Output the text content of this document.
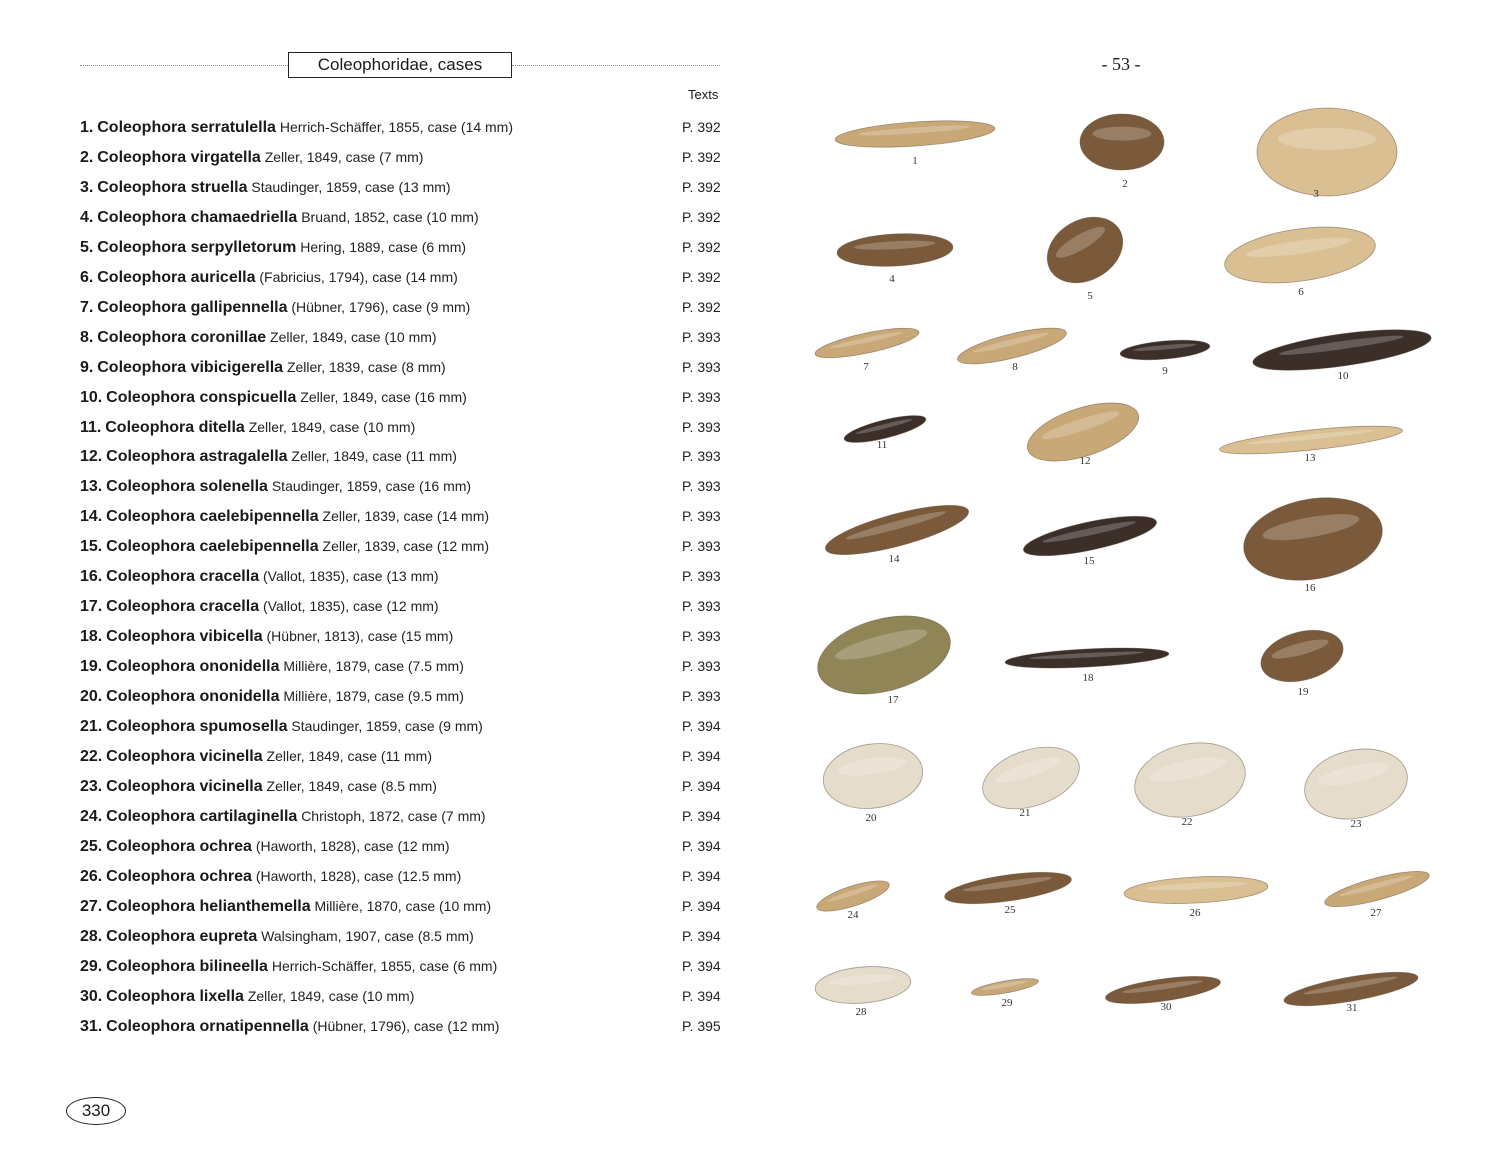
Coleophoridae, cases	- 53 -
Texts
1. Coleophora serratulella Herrich-Schäffer, 1855, case (14 mm)	P. 392
2. Coleophora virgatella Zeller, 1849, case (7 mm)	P. 392
3. Coleophora struella Staudinger, 1859, case (13 mm)	P. 392
4. Coleophora chamaedriella Bruand, 1852, case (10 mm)	P. 392
5. Coleophora serpylletorum Hering, 1889, case (6 mm)	P. 392
6. Coleophora auricella (Fabricius, 1794), case (14 mm)	P. 392
7. Coleophora gallipennella (Hübner, 1796), case (9 mm)	P. 392
8. Coleophora coronillae Zeller, 1849, case (10 mm)	P. 393
9. Coleophora vibicigerella Zeller, 1839, case (8 mm)	P. 393
10. Coleophora conspicuella Zeller, 1849, case (16 mm)	P. 393
11. Coleophora ditella Zeller, 1849, case (10 mm)	P. 393
12. Coleophora astragalella Zeller, 1849, case (11 mm)	P. 393
13. Coleophora solenella Staudinger, 1859, case (16 mm)	P. 393
14. Coleophora caelebipennella Zeller, 1839, case (14 mm)	P. 393
15. Coleophora caelebipennella Zeller, 1839, case (12 mm)	P. 393
16. Coleophora cracella (Vallot, 1835), case (13 mm)	P. 393
17. Coleophora cracella (Vallot, 1835), case (12 mm)	P. 393
18. Coleophora vibicella (Hübner, 1813), case (15 mm)	P. 393
19. Coleophora ononidella Millière, 1879, case (7.5 mm)	P. 393
20. Coleophora ononidella Millière, 1879, case (9.5 mm)	P. 393
21. Coleophora spumosella Staudinger, 1859, case (9 mm)	P. 394
22. Coleophora vicinella Zeller, 1849, case (11 mm)	P. 394
23. Coleophora vicinella Zeller, 1849, case (8.5 mm)	P. 394
24. Coleophora cartilaginella Christoph, 1872, case (7 mm)	P. 394
25. Coleophora ochrea (Haworth, 1828), case (12 mm)	P. 394
26. Coleophora ochrea (Haworth, 1828), case (12.5 mm)	P. 394
27. Coleophora helianthemella Millière, 1870, case (10 mm)	P. 394
28. Coleophora eupreta Walsingham, 1907, case (8.5 mm)	P. 394
29. Coleophora bilineella Herrich-Schäffer, 1855, case (6 mm)	P. 394
30. Coleophora lixella Zeller, 1849, case (10 mm)	P. 394
31. Coleophora ornatipennella (Hübner, 1796), case (12 mm)	P. 395
1
2
3
4
5	6
7	8	9	10
11
12	13
14	15
16
17
18
19
20	21
22	23
24	25	26	27
28
29	30	31
330
